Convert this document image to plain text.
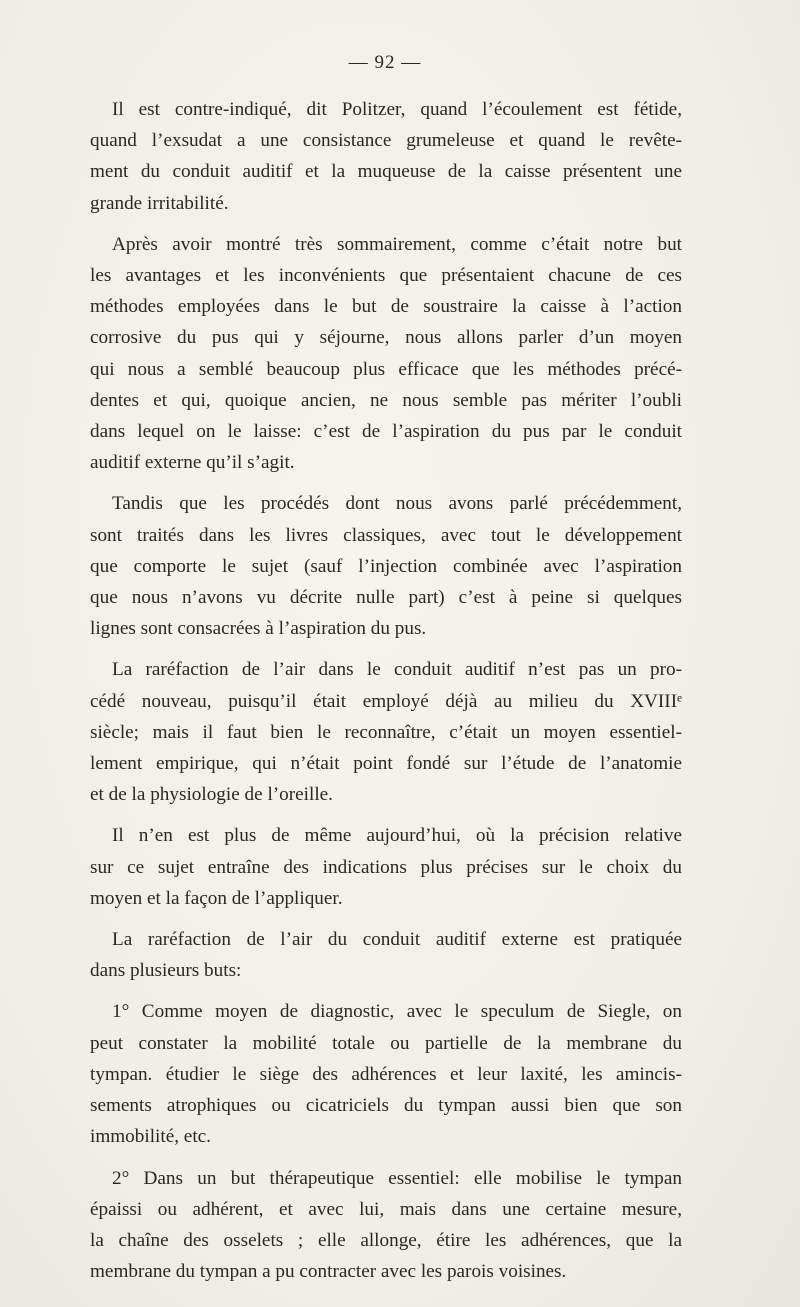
— 92 —

Il est contre-indiqué, dit Politzer, quand l’écoulement est fétide,
quand l’exsudat a une consistance grumeleuse et quand le revête-
ment du conduit auditif et la muqueuse de la caisse présentent une
grande irritabilité.

Après avoir montré très sommairement, comme c’était notre but
les avantages et les inconvénients que présentaient chacune de ces
méthodes employées dans le but de soustraire la caisse à l’action
corrosive du pus qui y séjourne, nous allons parler d’un moyen
qui nous a semblé beaucoup plus efficace que les méthodes précé-
dentes et qui, quoique ancien, ne nous semble pas mériter l’oubli
dans lequel on le laisse: c’est de l’aspiration du pus par le conduit
auditif externe qu’il s’agit.

Tandis que les procédés dont nous avons parlé précédemment,
sont traités dans les livres classiques, avec tout le développement
que comporte le sujet (sauf l’injection combinée avec l’aspiration
que nous n’avons vu décrite nulle part) c’est à peine si quelques
lignes sont consacrées à l’aspiration du pus.

La raréfaction de l’air dans le conduit auditif n’est pas un pro-
cédé nouveau, puisqu’il était employé déjà au milieu du XVIIIᵉ
siècle; mais il faut bien le reconnaître, c’était un moyen essentiel-
lement empirique, qui n’était point fondé sur l’étude de l’anatomie
et de la physiologie de l’oreille.

Il n’en est plus de même aujourd’hui, où la précision relative
sur ce sujet entraîne des indications plus précises sur le choix du
moyen et la façon de l’appliquer.

La raréfaction de l’air du conduit auditif externe est pratiquée
dans plusieurs buts:

1° Comme moyen de diagnostic, avec le speculum de Siegle, on
peut constater la mobilité totale ou partielle de la membrane du
tympan. étudier le siège des adhérences et leur laxité, les amincis-
sements atrophiques ou cicatriciels du tympan aussi bien que son
immobilité, etc.

2° Dans un but thérapeutique essentiel: elle mobilise le tympan
épaissi ou adhérent, et avec lui, mais dans une certaine mesure,
la chaîne des osselets ; elle allonge, étire les adhérences, que la
membrane du tympan a pu contracter avec les parois voisines.
